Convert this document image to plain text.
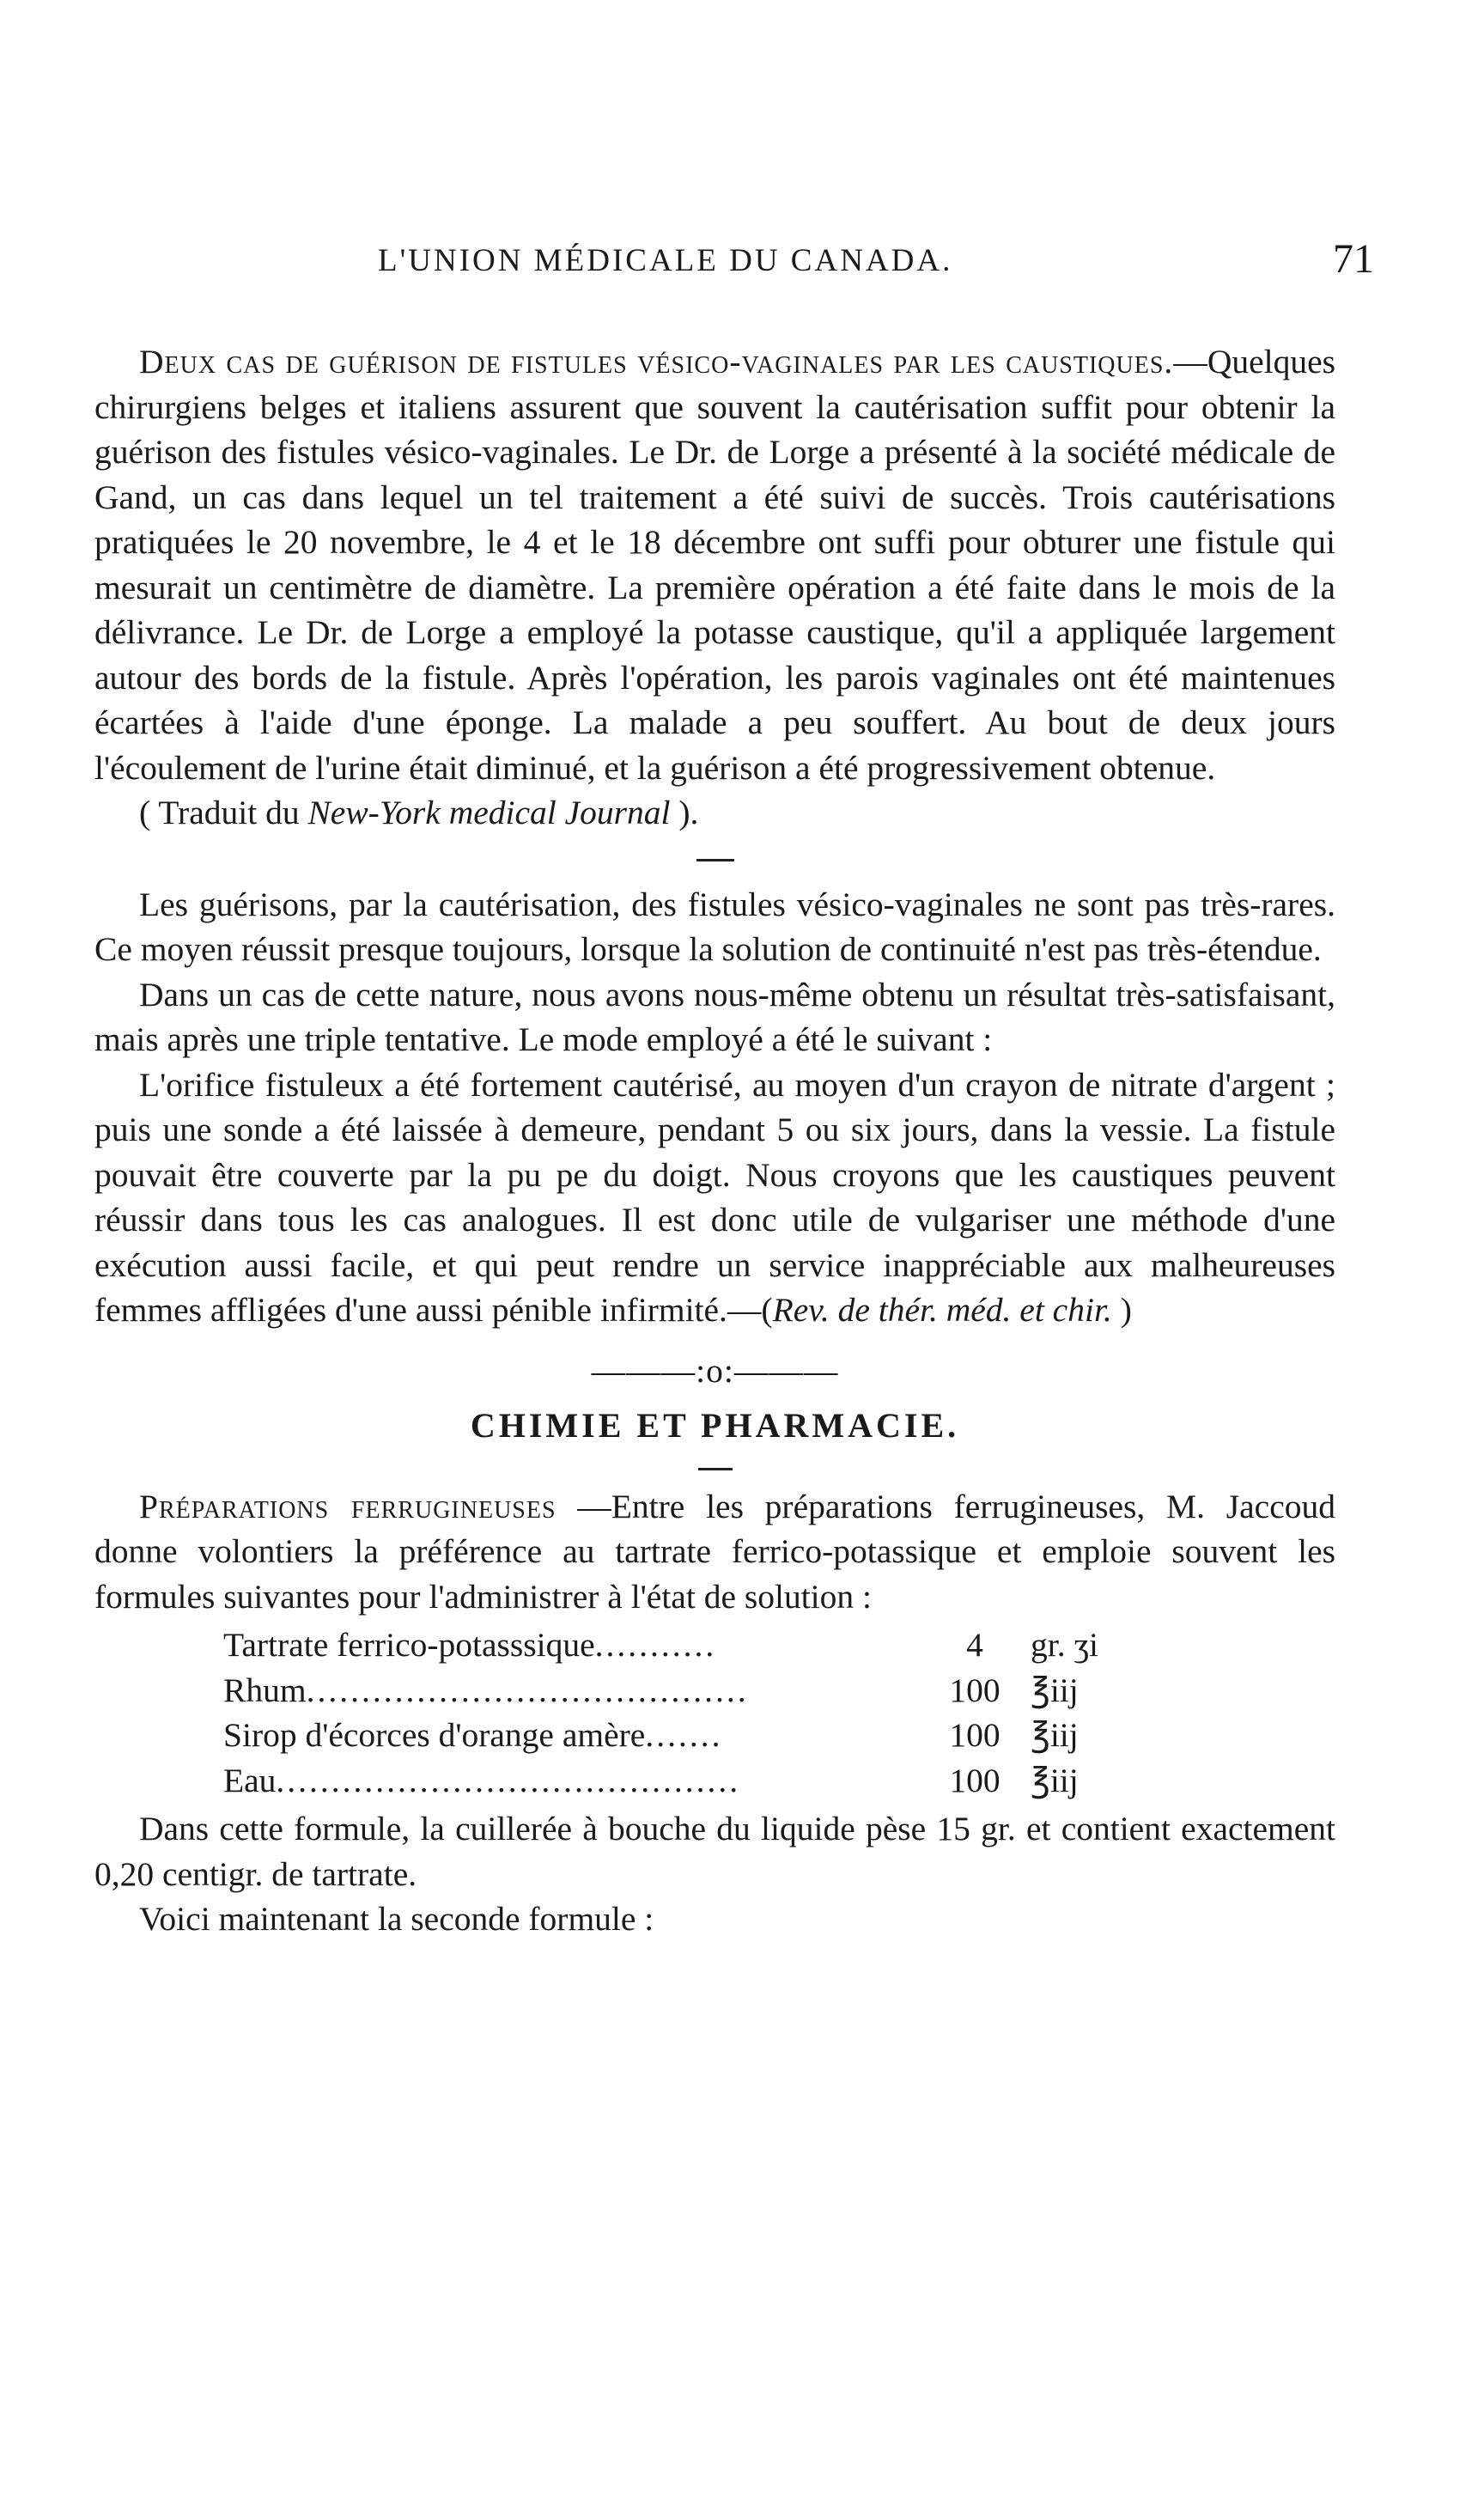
L'UNION MÉDICALE DU CANADA.	71

Deux cas de guérison de fistules vésico-vaginales par les caustiques.—Quelques chirurgiens belges et italiens assurent que souvent la cautérisation suffit pour obtenir la guérison des fistules vésico-vaginales. Le Dr. de Lorge a présenté à la société médicale de Gand, un cas dans lequel un tel traitement a été suivi de succès. Trois cautérisations pratiquées le 20 novembre, le 4 et le 18 décembre ont suffi pour obturer une fistule qui mesurait un centimètre de diamètre. La première opération a été faite dans le mois de la délivrance. Le Dr. de Lorge a employé la potasse caustique, qu'il a appliquée largement autour des bords de la fistule. Après l'opération, les parois vaginales ont été maintenues écartées à l'aide d'une éponge. La malade a peu souffert. Au bout de deux jours l'écoulement de l'urine était diminué, et la guérison a été progressivement obtenue.

( Traduit du New-York medical Journal ).

Les guérisons, par la cautérisation, des fistules vésico-vaginales ne sont pas très-rares. Ce moyen réussit presque toujours, lorsque la solution de continuité n'est pas très-étendue.

Dans un cas de cette nature, nous avons nous-même obtenu un résultat très-satisfaisant, mais après une triple tentative. Le mode employé a été le suivant :

L'orifice fistuleux a été fortement cautérisé, au moyen d'un crayon de nitrate d'argent ; puis une sonde a été laissée à demeure, pendant 5 ou six jours, dans la vessie. La fistule pouvait être couverte par la pu pe du doigt. Nous croyons que les caustiques peuvent réussir dans tous les cas analogues. Il est donc utile de vulgariser une méthode d'une exécution aussi facile, et qui peut rendre un service inappréciable aux malheureuses femmes affligées d'une aussi pénible infirmité.—(Rev. de thér. méd. et chir. )

———:o:———
CHIMIE ET PHARMACIE.

Préparations ferrugineuses —Entre les préparations ferrugineuses, M. Jaccoud donne volontiers la préférence au tartrate ferrico-potassique et emploie souvent les formules suivantes pour l'administrer à l'état de solution :

Tartrate ferrico-potasssique...........	4	gr. ʒi
Rhum........................................	100 ℥iij
Sirop d'écorces d'orange amère.......	100 ℥iij
Eau..........................................	100 ℥iij

Dans cette formule, la cuillerée à bouche du liquide pèse 15 gr. et contient exactement 0,20 centigr. de tartrate.

Voici maintenant la seconde formule :
